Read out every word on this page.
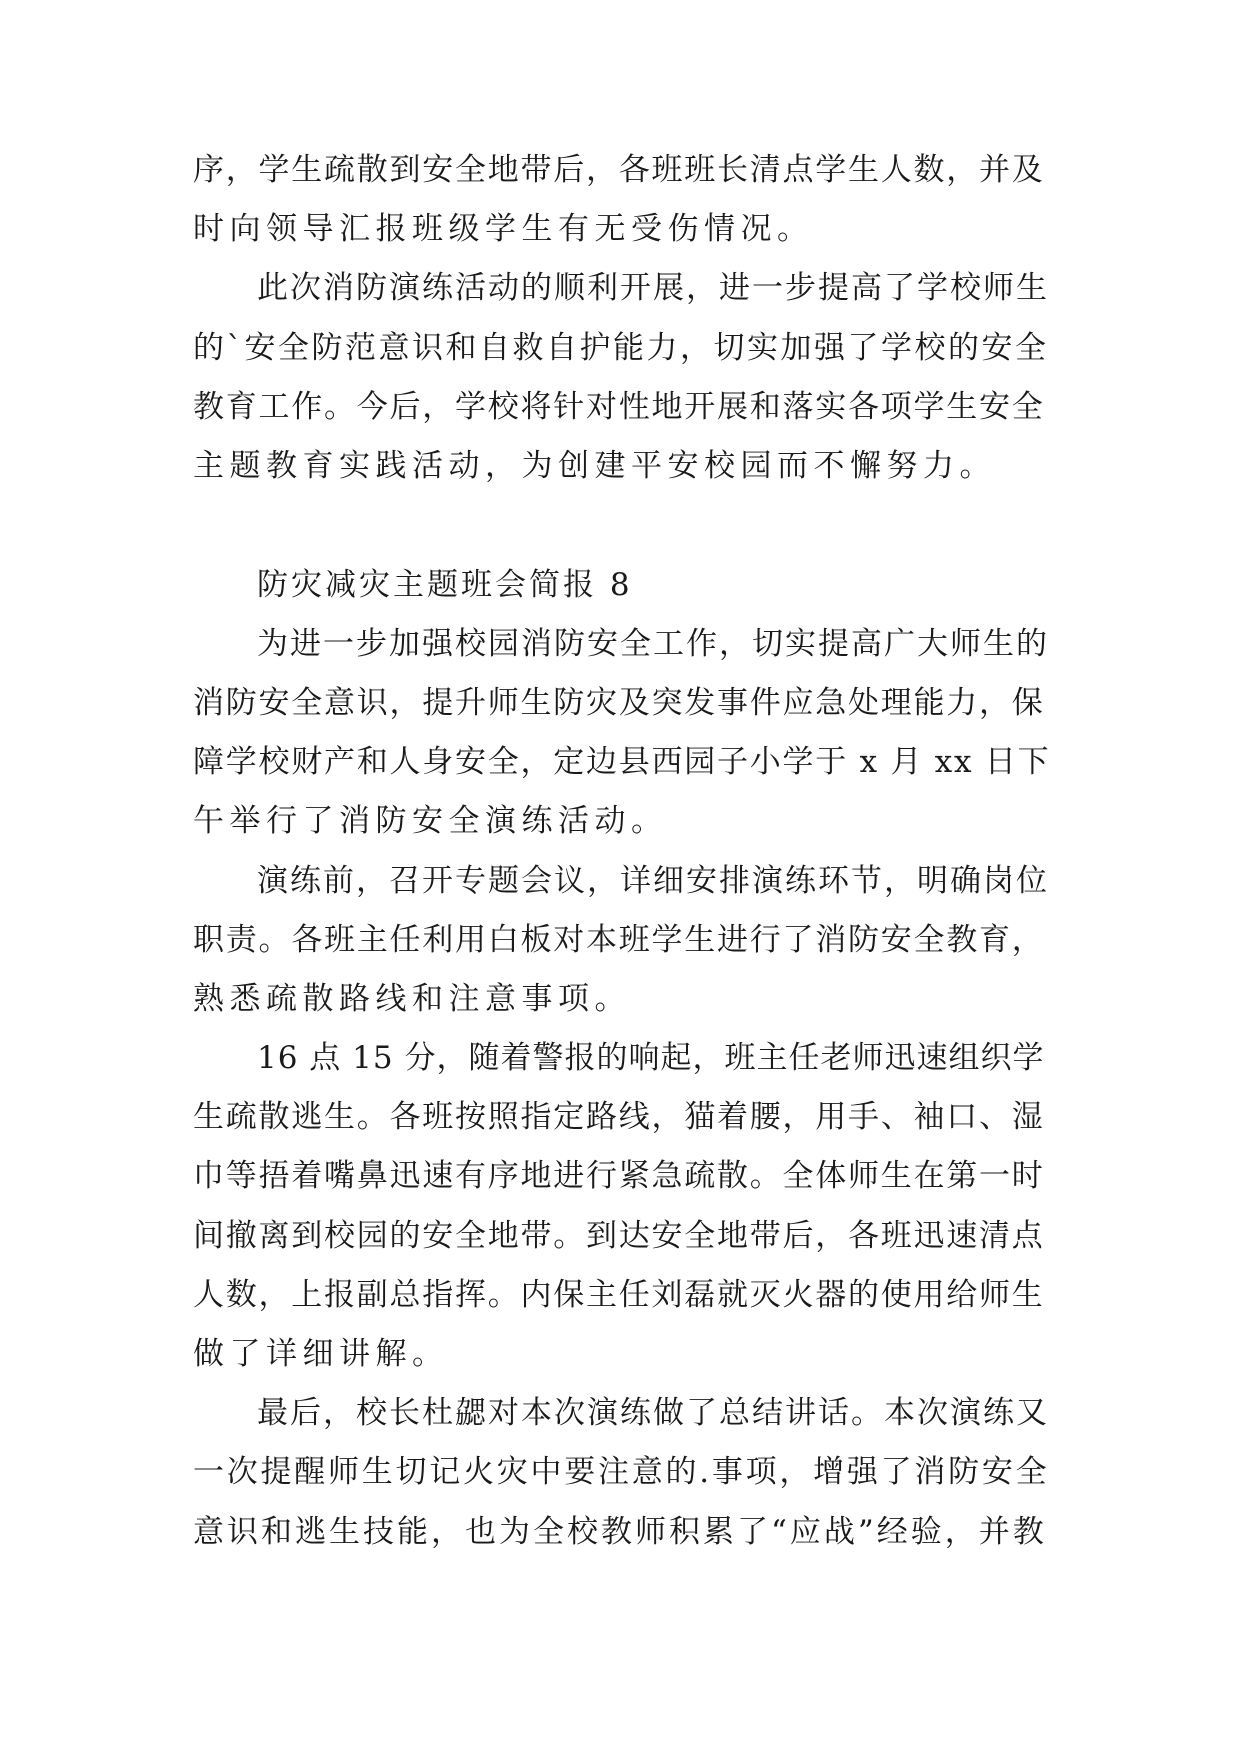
序，学生疏散到安全地带后，各班班长清点学生人数，并及
时向领导汇报班级学生有无受伤情况。
此次消防演练活动的顺利开展，进一步提高了学校师生
的`安全防范意识和自救自护能力，切实加强了学校的安全
教育工作。今后，学校将针对性地开展和落实各项学生安全
主题教育实践活动，为创建平安校园而不懈努力。
防灾减灾主题班会简报 8
为进一步加强校园消防安全工作，切实提高广大师生的
消防安全意识，提升师生防灾及突发事件应急处理能力，保
障学校财产和人身安全，定边县西园子小学于 x 月 xx 日下
午举行了消防安全演练活动。
演练前，召开专题会议，详细安排演练环节，明确岗位
职责。各班主任利用白板对本班学生进行了消防安全教育，
熟悉疏散路线和注意事项。
16 点 15 分，随着警报的响起，班主任老师迅速组织学
生疏散逃生。各班按照指定路线，猫着腰，用手、袖口、湿
巾等捂着嘴鼻迅速有序地进行紧急疏散。全体师生在第一时
间撤离到校园的安全地带。到达安全地带后，各班迅速清点
人数，上报副总指挥。内保主任刘磊就灭火器的使用给师生
做了详细讲解。
最后，校长杜勰对本次演练做了总结讲话。本次演练又
一次提醒师生切记火灾中要注意的.事项，增强了消防安全
意识和逃生技能，也为全校教师积累了“应战”经验，并教
